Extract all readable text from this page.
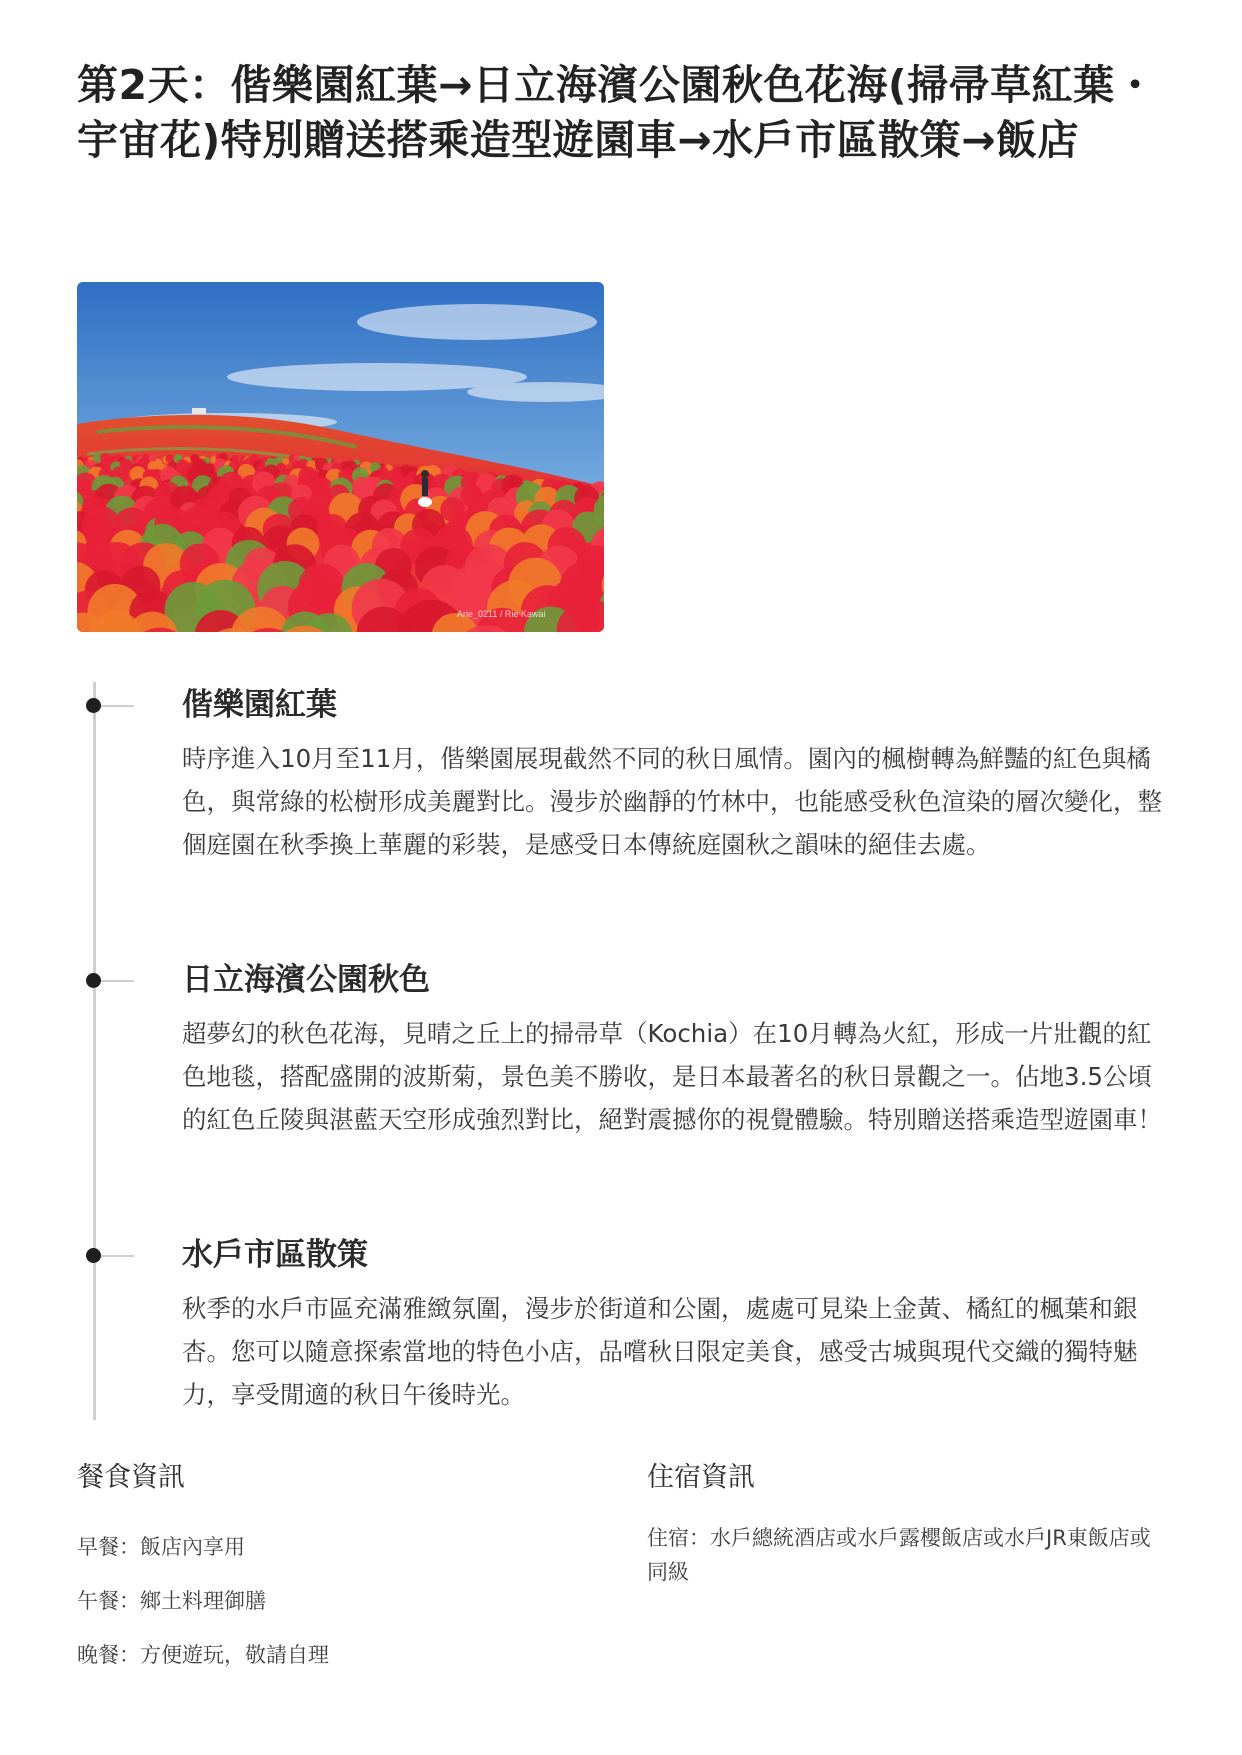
第2天：偕樂園紅葉→日立海濱公園秋色花海(掃帚草紅葉・宇宙花)特別贈送搭乘造型遊園車→水戶市區散策→飯店
Arie_0211 / Rie Kawai
偕樂園紅葉

時序進入10月至11月，偕樂園展現截然不同的秋日風情。園內的楓樹轉為鮮豔的紅色與橘色，與常綠的松樹形成美麗對比。漫步於幽靜的竹林中，也能感受秋色渲染的層次變化，整個庭園在秋季換上華麗的彩裝，是感受日本傳統庭園秋之韻味的絕佳去處。

日立海濱公園秋色

超夢幻的秋色花海，見晴之丘上的掃帚草（Kochia）在10月轉為火紅，形成一片壯觀的紅色地毯，搭配盛開的波斯菊，景色美不勝收，是日本最著名的秋日景觀之一。佔地3.5公頃的紅色丘陵與湛藍天空形成強烈對比，絕對震撼你的視覺體驗。特別贈送搭乘造型遊園車！

水戶市區散策

秋季的水戶市區充滿雅緻氛圍，漫步於街道和公園，處處可見染上金黃、橘紅的楓葉和銀杏。您可以隨意探索當地的特色小店，品嚐秋日限定美食，感受古城與現代交織的獨特魅力，享受閒適的秋日午後時光。

餐食資訊
早餐：飯店內享用
午餐：鄉土料理御膳
晚餐：方便遊玩，敬請自理
住宿資訊
住宿：水戶總統酒店或水戶露櫻飯店或水戶JR東飯店或同級
